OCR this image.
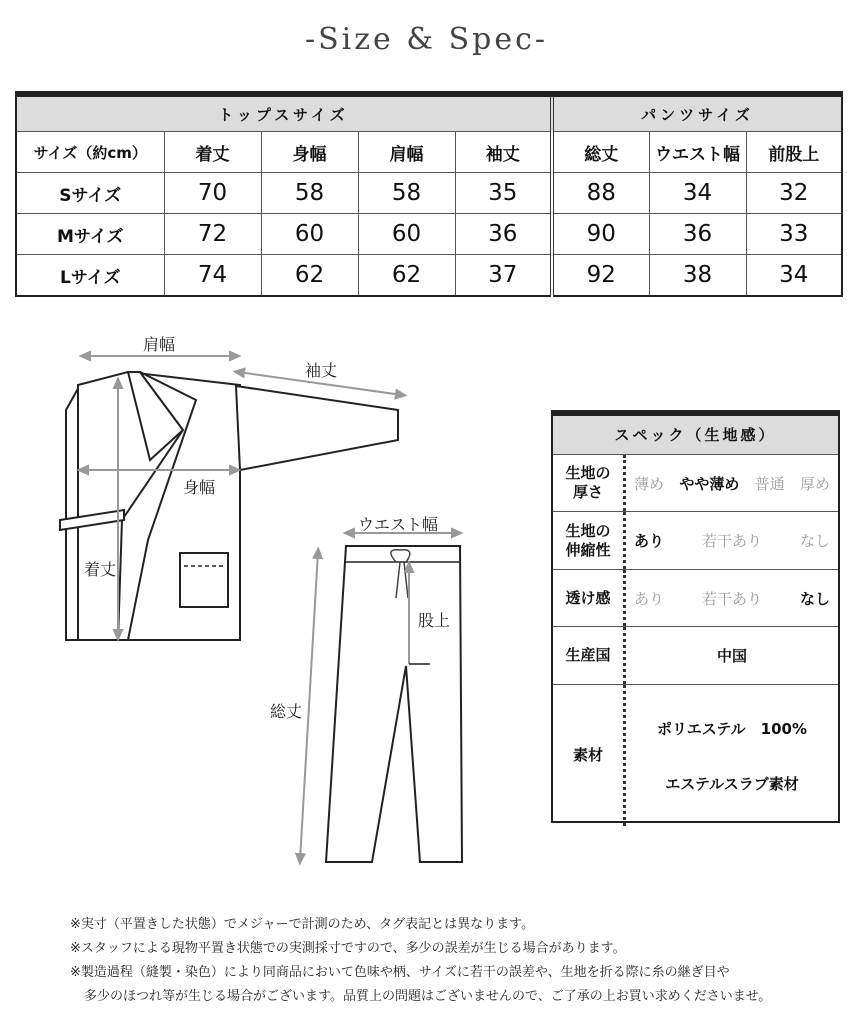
-Size & Spec-
トップスサイズ					パンツサイズ		
サイズ（約cm）	着丈	身幅	肩幅	袖丈	総丈	ウエスト幅	前股上
Sサイズ	70	58	58	35	88	34	32
Mサイズ	72	60	60	36	90	36	33
Lサイズ	74	62	62	37	92	38	34
肩幅
袖丈
身幅
着丈
ウエスト幅
股上
総丈
スペック（生地感）
生地の
厚さ	薄め やや薄め 普通 厚め
生地の
伸縮性 あり	若干あり	なし
透け感	あり	若干あり	なし
生産国	中国
素材
ポリエステル　100%
エステルスラブ素材
※実寸（平置きした状態）でメジャーで計測のため、タグ表記とは異なります。
※スタッフによる現物平置き状態での実測採寸ですので、多少の誤差が生じる場合があります。
※製造過程（縫製・染色）により同商品において色味や柄、サイズに若干の誤差や、生地を折る際に糸の継ぎ目や
多少のほつれ等が生じる場合がございます。品質上の問題はございませんので、ご了承の上お買い求めくださいませ。
